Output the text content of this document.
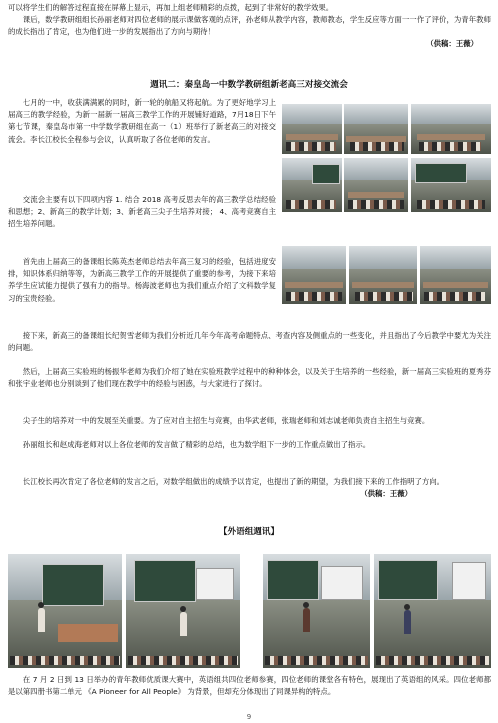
可以将学生们的解答过程直接在屏幕上显示，再加上组老师精彩的点拨，起到了非常好的教学效果。

课后，数学教研组组长孙丽老师对四位老师的展示课做客观的点评，孙老师从教学内容，教师教态，学生反应等方面一一作了评价，为青年教师的成长指出了肯定，也为他们进一步的发展指出了方向与期待！

（供稿：王薇）

週讯二：秦皇岛一中数学教研组新老高三对接交流会

七月的一中，收获满满累的同时，新一轮的航船又将起航。为了更好地学习上届高三的教学经验，为新一届新一届高三教学工作的开展铺好道路，7月18日下午第七节课，秦皇岛市第一中学数学教研组在高一（1）班举行了新老高三的对接交流会。李长江校长全程参与会议，认真听取了各位老师的发言。

交流会主要有以下四项内容 1. 结合 2018 高考反思去年的高三教学总结经验和思想；2、新高三的教学计划；3、新老高三尖子生培养对接； 4、高考竞赛自主招生培养问题。

首先由上届高三的备课组长陈英杰老师总结去年高三复习的经验，包括进度安排，知识体系归纳等等，为新高三教学工作的开展提供了重要的参考，为接下来培养学生应试能力提供了强有力的指导。杨海波老师也为我们重点介绍了文科数学复习的宝贵经验。

接下来，新高三的备课组长纪贺雪老师为我们分析近几年今年高考命题特点、考查内容及侧重点的一些变化，并且指出了今后教学中要尤为关注的问题。

然后，上届高三实验班的杨振华老师为我们介绍了她在实验班教学过程中的种种体会，以及关于生培养的一些经验，新一届高三实验班的夏秀芬和张宇业老师也分别谈到了他们现在教学中的经验与困惑，与大家进行了探讨。

尖子生的培养对一中的发展至关重要。为了应对自主招生与竞赛，由华武老师，张瑞老师和刘志诚老师负责自主招生与竞赛。

孙丽组长和赵成海老师对以上各位老师的发言做了精彩的总结，也为数学组下一步的工作重点做出了指示。

长江校长再次肯定了各位老师的发言之后，对数学组做出的成绩予以肯定，也提出了新的期望，为我们接下来的工作指明了方向。

（供稿：王薇）

【外语组週讯】

在 7 月 2 日到 13 日举办的青年教师优质课大赛中，英语组共四位老师参赛，四位老师的课堂各有特色，展现出了英语组的风采。四位老师都是以第四册书第二单元 《A Pioneer for All People》 为背景，但却充分体现出了同课异构的特点。

9
